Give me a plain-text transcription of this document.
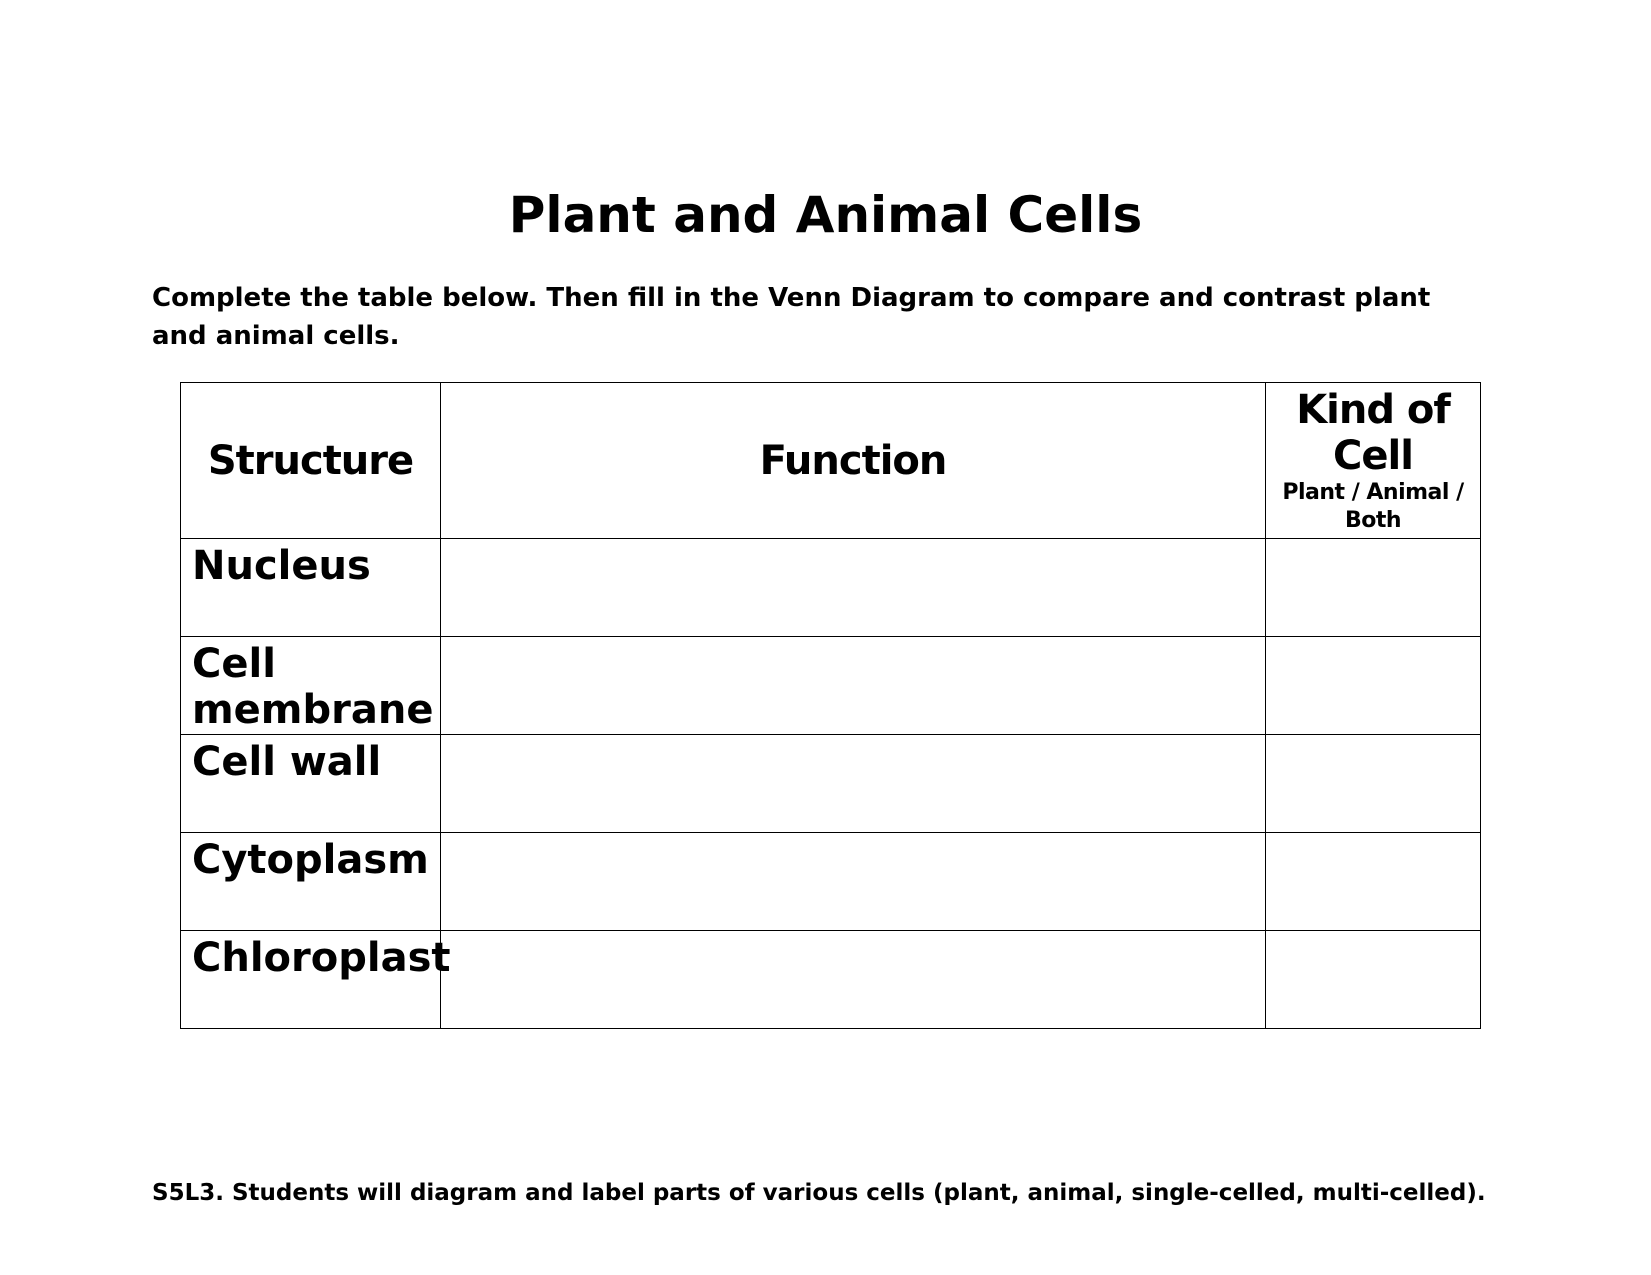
Plant and Animal Cells

Complete the table below. Then fill in the Venn Diagram to compare and contrast plant and animal cells.

Structure	Function	Kind of Cell
Plant / Animal / Both

Nucleus		
Cell membrane		
Cell wall		
Cytoplasm		
Chloroplast		

S5L3. Students will diagram and label parts of various cells (plant, animal, single-celled, multi-celled).
